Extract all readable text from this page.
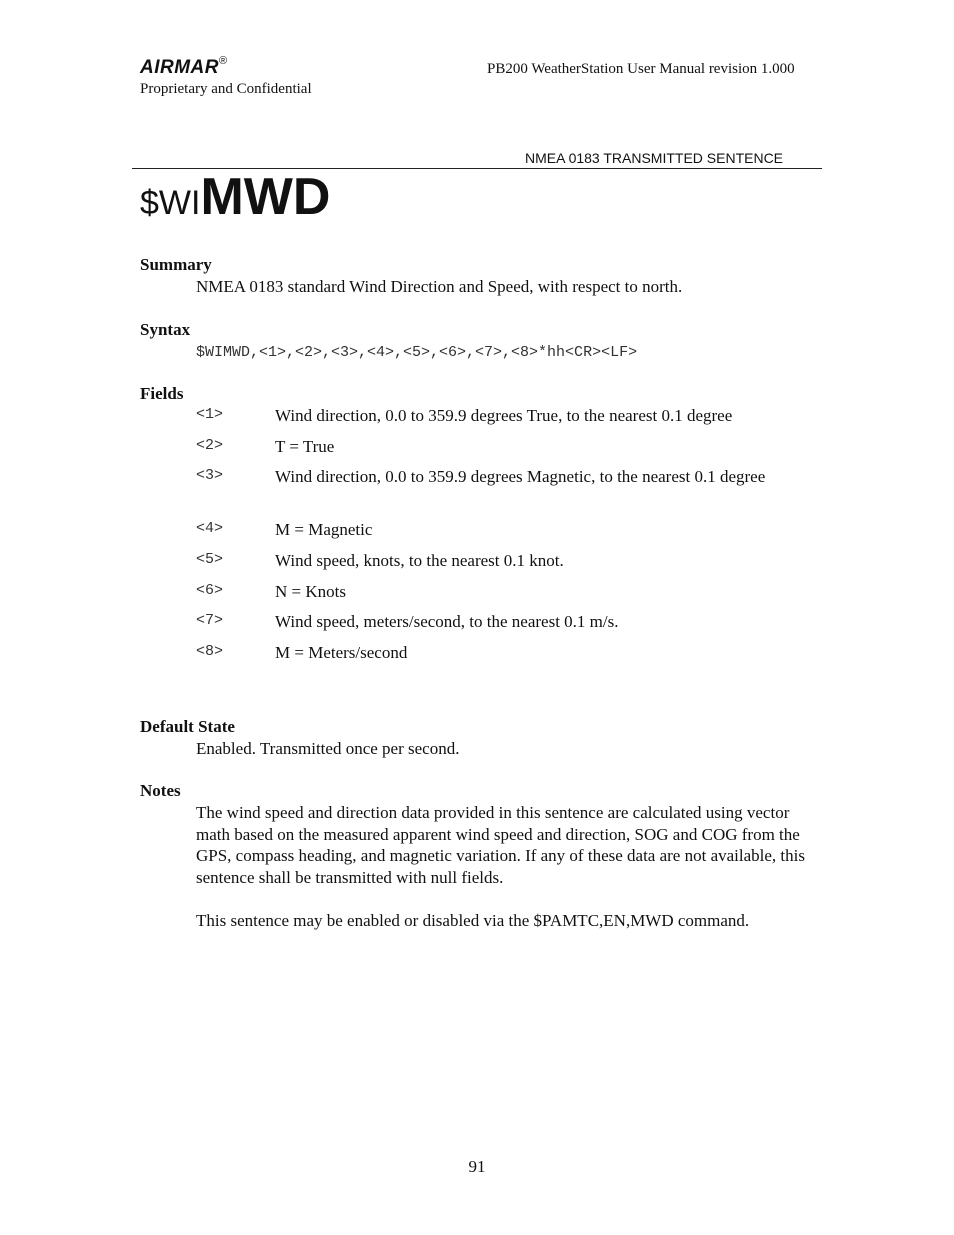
AIRMAR®
Proprietary and Confidential
PB200 WeatherStation User Manual revision 1.000
NMEA 0183 TRANSMITTED SENTENCE
$WIMWD
Summary
NMEA 0183 standard Wind Direction and Speed, with respect to north.
Syntax
$WIMWD,<1>,<2>,<3>,<4>,<5>,<6>,<7>,<8>*hh<CR><LF>
Fields
<1>	Wind direction, 0.0 to 359.9 degrees True, to the nearest 0.1 degree
<2>	T = True
<3>	Wind direction, 0.0 to 359.9 degrees Magnetic, to the nearest 0.1 degree
<4>	M = Magnetic
<5>	Wind speed, knots, to the nearest 0.1 knot.
<6>	N = Knots
<7>	Wind speed, meters/second, to the nearest 0.1 m/s.
<8>	M = Meters/second
Default State
Enabled. Transmitted once per second.
Notes
The wind speed and direction data provided in this sentence are calculated using vector math based on the measured apparent wind speed and direction, SOG and COG from the GPS, compass heading, and magnetic variation. If any of these data are not available, this sentence shall be transmitted with null fields.
This sentence may be enabled or disabled via the $PAMTC,EN,MWD command.
91
